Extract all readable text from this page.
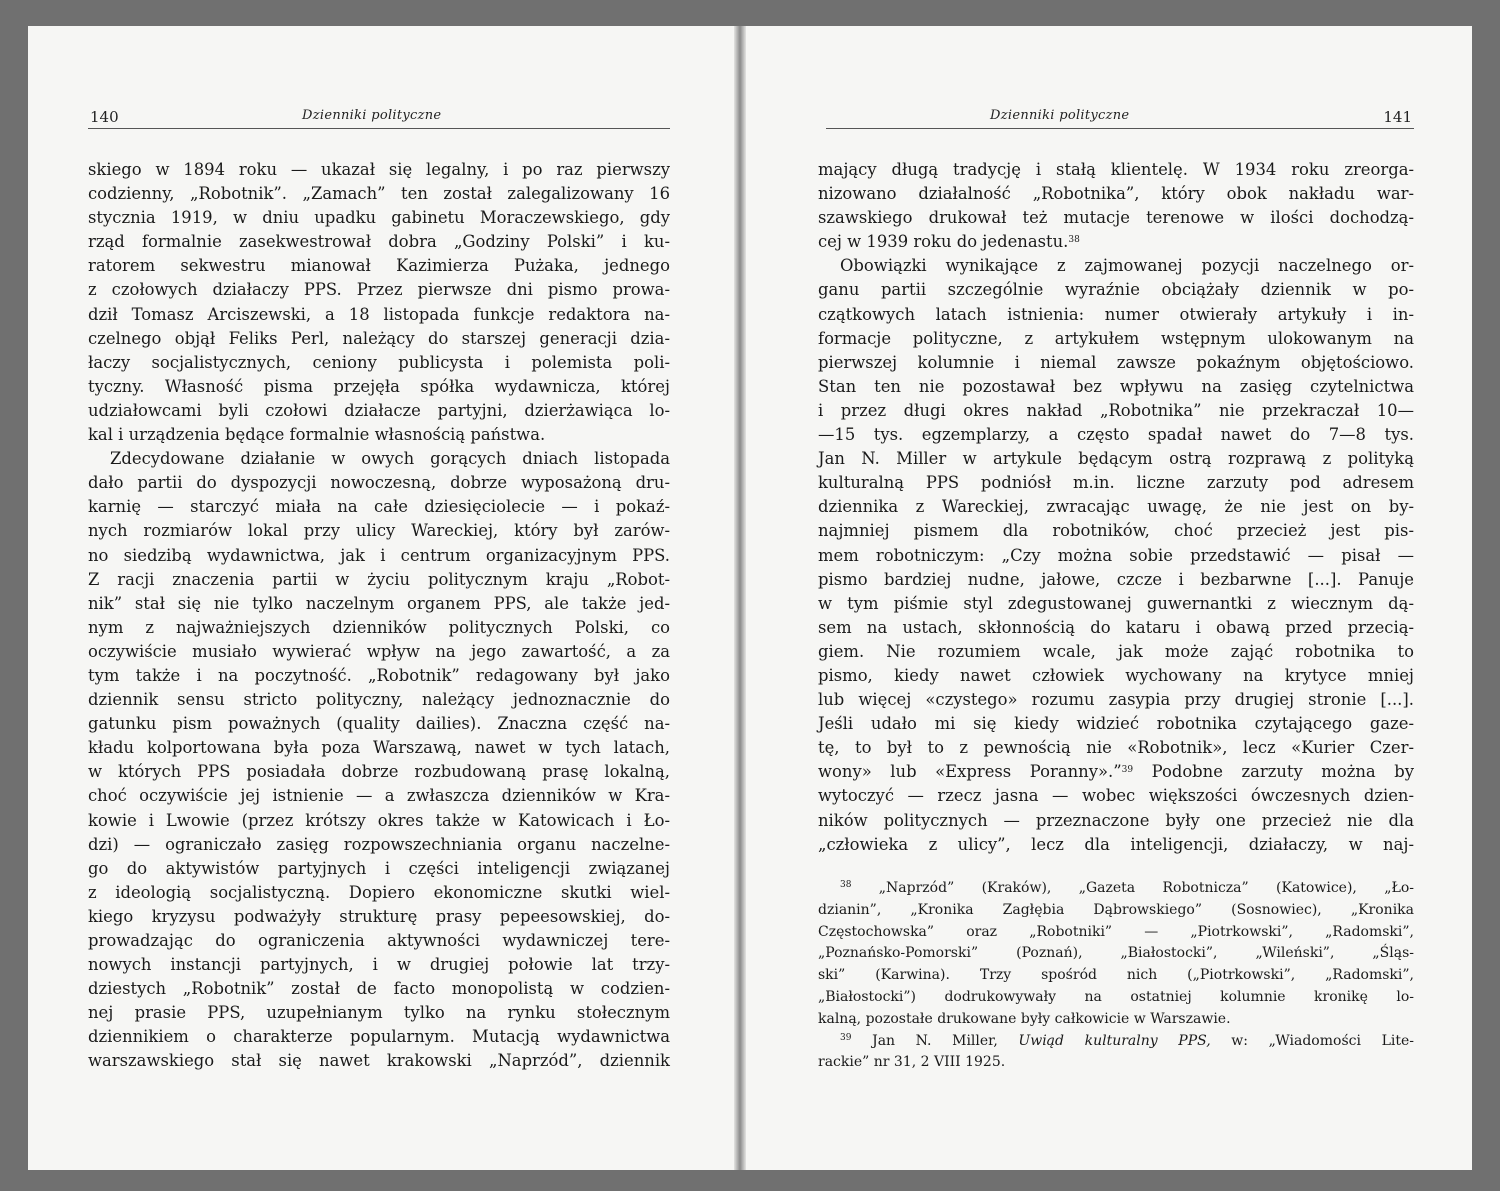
140	Dzienniki polityczne
skiego w 1894 roku — ukazał się legalny, i po raz pierwszy
codzienny, „Robotnik”. „Zamach” ten został zalegalizowany 16
stycznia 1919, w dniu upadku gabinetu Moraczewskiego, gdy
rząd formalnie zasekwestrował dobra „Godziny Polski” i ku-
ratorem sekwestru mianował Kazimierza Pużaka, jednego
z czołowych działaczy PPS. Przez pierwsze dni pismo prowa-
dził Tomasz Arciszewski, a 18 listopada funkcje redaktora na-
czelnego objął Feliks Perl, należący do starszej generacji dzia-
łaczy socjalistycznych, ceniony publicysta i polemista poli-
tyczny. Własność pisma przejęła spółka wydawnicza, której
udziałowcami byli czołowi działacze partyjni, dzierżawiąca lo-
kal i urządzenia będące formalnie własnością państwa.
Zdecydowane działanie w owych gorących dniach listopada
dało partii do dyspozycji nowoczesną, dobrze wyposażoną dru-
karnię — starczyć miała na całe dziesięciolecie — i pokaź-
nych rozmiarów lokal przy ulicy Wareckiej, który był zarów-
no siedzibą wydawnictwa, jak i centrum organizacyjnym PPS.
Z racji znaczenia partii w życiu politycznym kraju „Robot-
nik” stał się nie tylko naczelnym organem PPS, ale także jed-
nym z najważniejszych dzienników politycznych Polski, co
oczywiście musiało wywierać wpływ na jego zawartość, a za
tym także i na poczytność. „Robotnik” redagowany był jako
dziennik sensu stricto polityczny, należący jednoznacznie do
gatunku pism poważnych (quality dailies). Znaczna część na-
kładu kolportowana była poza Warszawą, nawet w tych latach,
w których PPS posiadała dobrze rozbudowaną prasę lokalną,
choć oczywiście jej istnienie — a zwłaszcza dzienników w Kra-
kowie i Lwowie (przez krótszy okres także w Katowicach i Ło-
dzi) — ograniczało zasięg rozpowszechniania organu naczelne-
go do aktywistów partyjnych i części inteligencji związanej
z ideologią socjalistyczną. Dopiero ekonomiczne skutki wiel-
kiego kryzysu podważyły strukturę prasy pepeesowskiej, do-
prowadzając do ograniczenia aktywności wydawniczej tere-
nowych instancji partyjnych, i w drugiej połowie lat trzy-
dziestych „Robotnik” został de facto monopolistą w codzien-
nej prasie PPS, uzupełnianym tylko na rynku stołecznym
dziennikiem o charakterze popularnym. Mutacją wydawnictwa
warszawskiego stał się nawet krakowski „Naprzód”, dziennik
Dzienniki polityczne	141
mający długą tradycję i stałą klientelę. W 1934 roku zreorga-
nizowano działalność „Robotnika”, który obok nakładu war-
szawskiego drukował też mutacje terenowe w ilości dochodzą-
cej w 1939 roku do jedenastu.$^{38}$
Obowiązki wynikające z zajmowanej pozycji naczelnego or-
ganu partii szczególnie wyraźnie obciążały dziennik w po-
czątkowych latach istnienia: numer otwierały artykuły i in-
formacje polityczne, z artykułem wstępnym ulokowanym na
pierwszej kolumnie i niemal zawsze pokaźnym objętościowo.
Stan ten nie pozostawał bez wpływu na zasięg czytelnictwa
i przez długi okres nakład „Robotnika” nie przekraczał 10—
—15 tys. egzemplarzy, a często spadał nawet do 7—8 tys.
Jan N. Miller w artykule będącym ostrą rozprawą z polityką
kulturalną PPS podniósł m.in. liczne zarzuty pod adresem
dziennika z Wareckiej, zwracając uwagę, że nie jest on by-
najmniej pismem dla robotników, choć przecież jest pis-
mem robotniczym: „Czy można sobie przedstawić — pisał —
pismo bardziej nudne, jałowe, czcze i bezbarwne [...]. Panuje
w tym piśmie styl zdegustowanej guwernantki z wiecznym dą-
sem na ustach, skłonnością do kataru i obawą przed przecią-
giem. Nie rozumiem wcale, jak może zająć robotnika to
pismo, kiedy nawet człowiek wychowany na krytyce mniej
lub więcej «czystego» rozumu zasypia przy drugiej stronie [...].
Jeśli udało mi się kiedy widzieć robotnika czytającego gaze-
tę, to był to z pewnością nie «Robotnik», lecz «Kurier Czer-
wony» lub «Express Poranny».”$^{39}$ Podobne zarzuty można by
wytoczyć — rzecz jasna — wobec większości ówczesnych dzien-
ników politycznych — przeznaczone były one przecież nie dla
„człowieka z ulicy”, lecz dla inteligencji, działaczy, w naj-
$^{38}$ „Naprzód” (Kraków), „Gazeta Robotnicza” (Katowice), „Ło-
dzianin”, „Kronika Zagłębia Dąbrowskiego” (Sosnowiec), „Kronika
Częstochowska” oraz „Robotniki” — „Piotrkowski”, „Radomski”,
„Poznańsko-Pomorski” (Poznań), „Białostocki”, „Wileński”, „Śląs-
ski” (Karwina). Trzy spośród nich („Piotrkowski”, „Radomski”,
„Białostocki”) dodrukowywały na ostatniej kolumnie kronikę lo-
kalną, pozostałe drukowane były całkowicie w Warszawie.
$^{39}$ Jan N. Miller, Uwiąd kulturalny PPS, w: „Wiadomości Lite-
rackie” nr 31, 2 VIII 1925.
